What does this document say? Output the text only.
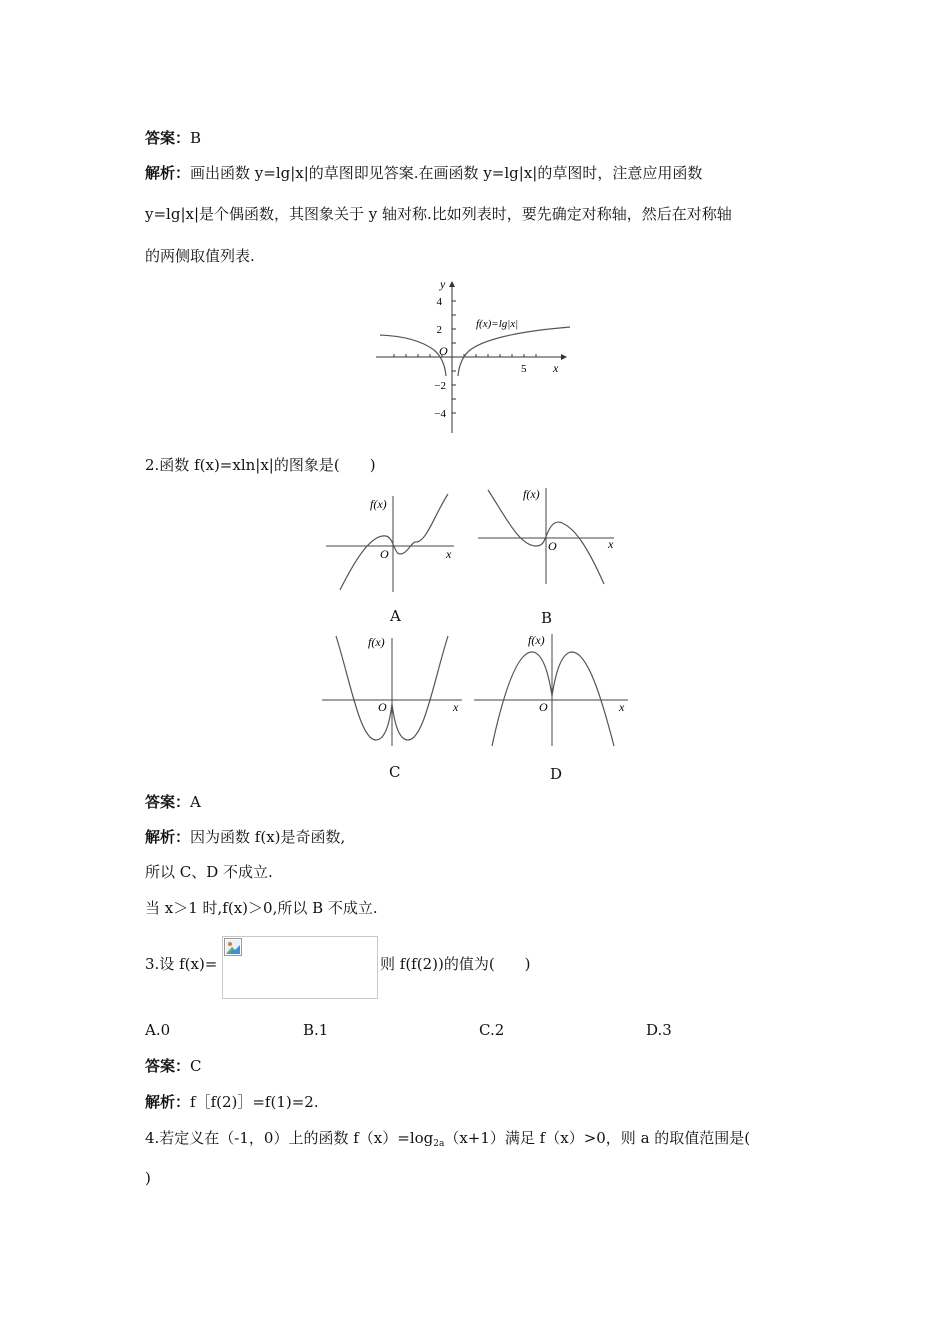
答案：B
解析：画出函数 y=lg|x|的草图即见答案.在画函数 y=lg|x|的草图时，注意应用函数
y=lg|x|是个偶函数，其图象关于 y 轴对称.比如列表时，要先确定对称轴，然后在对称轴
的两侧取值列表.
y
x
O
f(x)=lg|x|
4
2
−2
−4
5
2.函数 f(x)=xln|x|的图象是(　　)
f(x)
x
O
A
f(x)
x
O
B
f(x)
x
O
C
f(x)
x
O
D
答案：A
解析：因为函数 f(x)是奇函数,
所以 C、D 不成立.
当 x＞1 时,f(x)＞0,所以 B 不成立.
3.设 f(x)=	则 f(f(2))的值为(　　)
A.0	B.1	C.2	D.3
答案：C
解析：f［f(2)］=f(1)=2.
4.若定义在（-1，0）上的函数 $f(x)=\log_{2a}(x+1)$满足 f（x）>0，则 a 的取值范围是(
)
